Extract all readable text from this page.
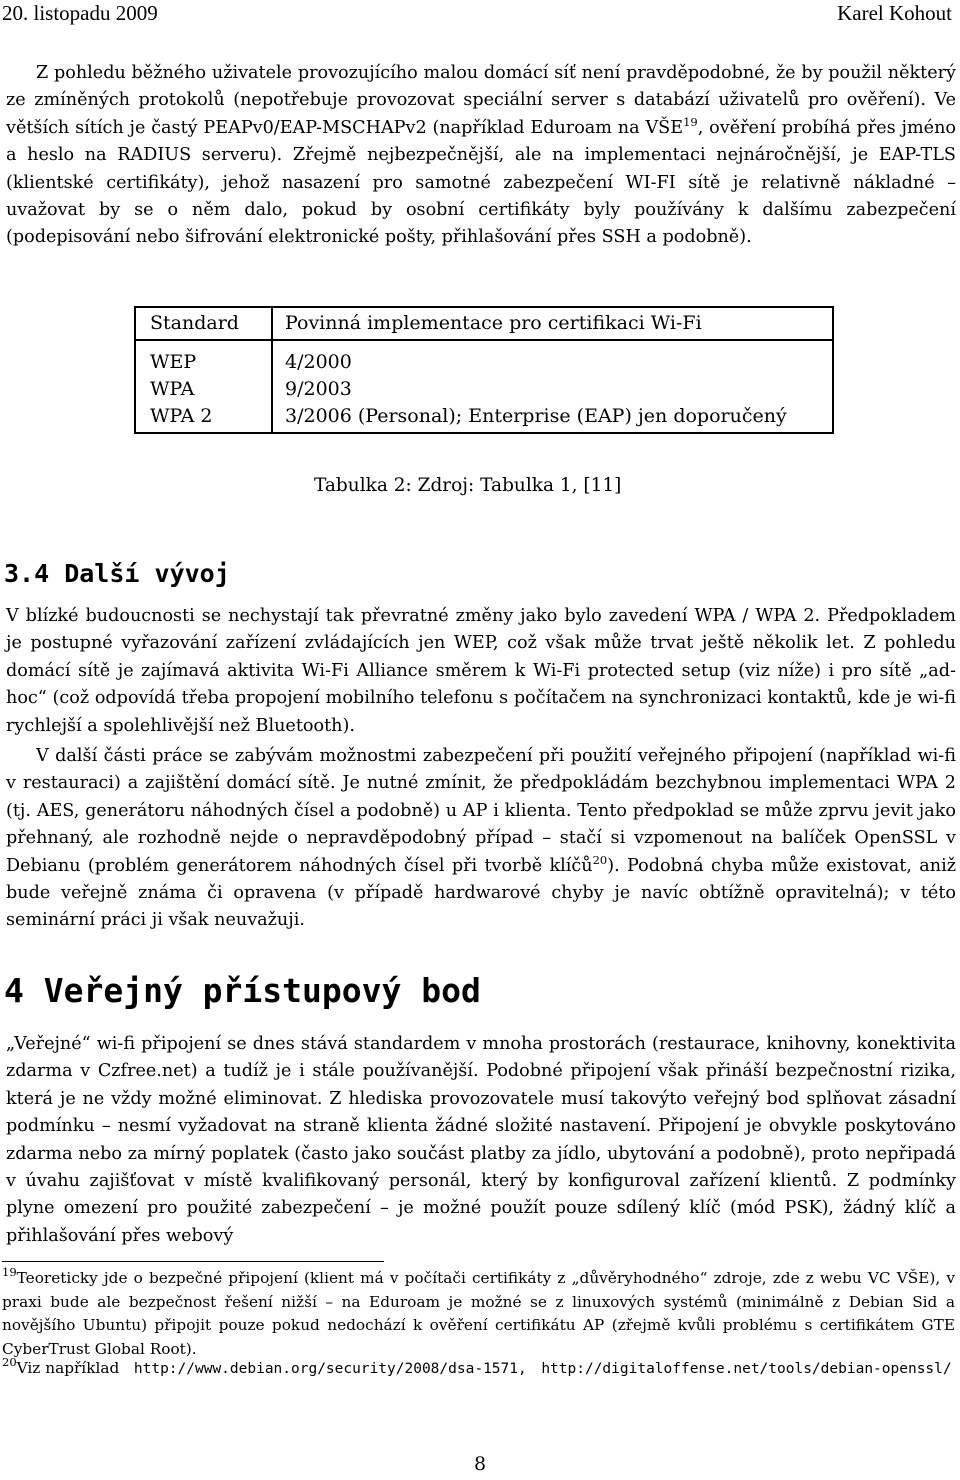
20. listopadu 2009	Karel Kohout

Z pohledu běžného uživatele provozujícího malou domácí síť není pravděpodobné, že by použil některý ze zmíněných protokolů (nepotřebuje provozovat speciální server s databází uživatelů pro ověření). Ve větších sítích je častý PEAPv0/EAP-MSCHAPv2 (například Eduroam na VŠE$^{19}$, ověření probíhá přes jméno a heslo na RADIUS serveru). Zřejmě nejbezpečnější, ale na implementaci nejnáročnější, je EAP-TLS (klientské certifikáty), jehož nasazení pro samotné zabezpečení WI-FI sítě je relativně nákladné – uvažovat by se o něm dalo, pokud by osobní certifikáty byly používány k dalšímu zabezpečení (podepisování nebo šifrování elektronické pošty, přihlašování přes SSH a podobně).

Standard	Povinná implementace pro certifikaci Wi-Fi

WEP	4/2000
WPA	9/2003
WPA 2	3/2006 (Personal); Enterprise (EAP) jen doporučený
Tabulka 2: Zdroj: Tabulka 1, [11]
3.4 Další vývoj

V blízké budoucnosti se nechystají tak převratné změny jako bylo zavedení WPA / WPA 2. Předpokladem je postupné vyřazování zařízení zvládajících jen WEP, což však může trvat ještě několik let. Z pohledu domácí sítě je zajímavá aktivita Wi-Fi Alliance směrem k Wi-Fi protected setup (viz níže) i pro sítě „ad-hoc“ (což odpovídá třeba propojení mobilního telefonu s počítačem na synchronizaci kontaktů, kde je wi-fi rychlejší a spolehlivější než Bluetooth).

V další části práce se zabývám možnostmi zabezpečení při použití veřejného připojení (například wi-fi v restauraci) a zajištění domácí sítě. Je nutné zmínit, že předpokládám bezchybnou implementaci WPA 2 (tj. AES, generátoru náhodných čísel a podobně) u AP i klienta. Tento předpoklad se může zprvu jevit jako přehnaný, ale rozhodně nejde o nepravděpodobný případ – stačí si vzpomenout na balíček OpenSSL v Debianu (problém generátorem náhodných čísel při tvorbě klíčů$^{20}$). Podobná chyba může existovat, aniž bude veřejně známa či opravena (v případě hardwarové chyby je navíc obtížně opravitelná); v této seminární práci ji však neuvažuji.

4 Veřejný přístupový bod

„Veřejné“ wi-fi připojení se dnes stává standardem v mnoha prostorách (restaurace, knihovny, konektivita zdarma v Czfree.net) a tudíž je i stále používanější. Podobné připojení však přináší bezpečnostní rizika, která je ne vždy možné eliminovat. Z hlediska provozovatele musí takovýto veřejný bod splňovat zásadní podmínku – nesmí vyžadovat na straně klienta žádné složité nastavení. Připojení je obvykle poskytováno zdarma nebo za mírný poplatek (často jako součást platby za jídlo, ubytování a podobně), proto nepřipadá v úvahu zajišťovat v místě kvalifikovaný personál, který by konfiguroval zařízení klientů. Z podmínky plyne omezení pro použité zabezpečení – je možné použít pouze sdílený klíč (mód PSK), žádný klíč a přihlašování přes webový

$^{19}$Teoreticky jde o bezpečné připojení (klient má v počítači certifikáty z „důvěryhodného“ zdroje, zde z webu VC VŠE), v praxi bude ale bezpečnost řešení nižší – na Eduroam je možné se z linuxových systémů (minimálně z Debian Sid a novějšího Ubuntu) připojit pouze pokud nedochází k ověření certifikátu AP (zřejmě kvůli problému s certifikátem GTE CyberTrust Global Root).

$^{20}$Viz například http://www.debian.org/security/2008/dsa-1571, http://digitaloffense.net/tools/debian-openssl/

8
